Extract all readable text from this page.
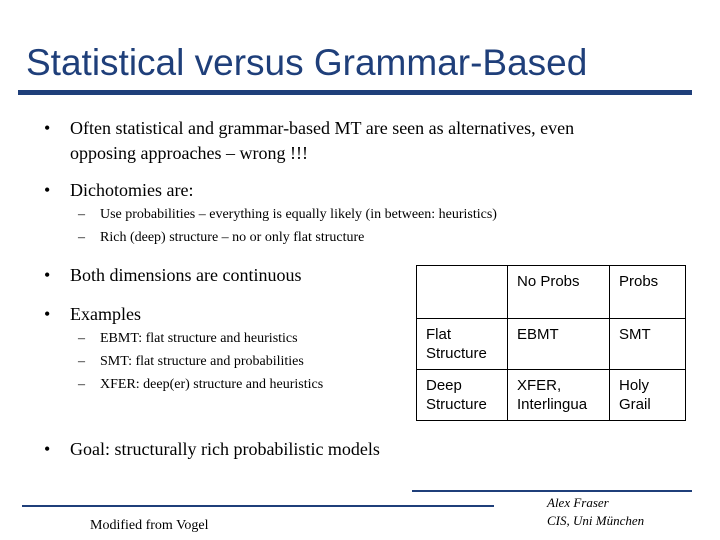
Statistical versus Grammar-Based
• Often statistical and grammar-based MT are seen as alternatives, even
opposing approaches – wrong !!!
• Dichotomies are:
– Use probabilities – everything is equally likely (in between: heuristics)
– Rich (deep) structure – no or only flat structure
• Both dimensions are continuous
• Examples
– EBMT: flat structure and heuristics
– SMT: flat structure and probabilities
– XFER: deep(er) structure and heuristics
• Goal: structurally rich probabilistic models
	No Probs	Probs
Flat Structure	EBMT	SMT
Deep Structure	XFER, Interlingua	Holy Grail
Modified from Vogel
Alex Fraser
CIS, Uni München
